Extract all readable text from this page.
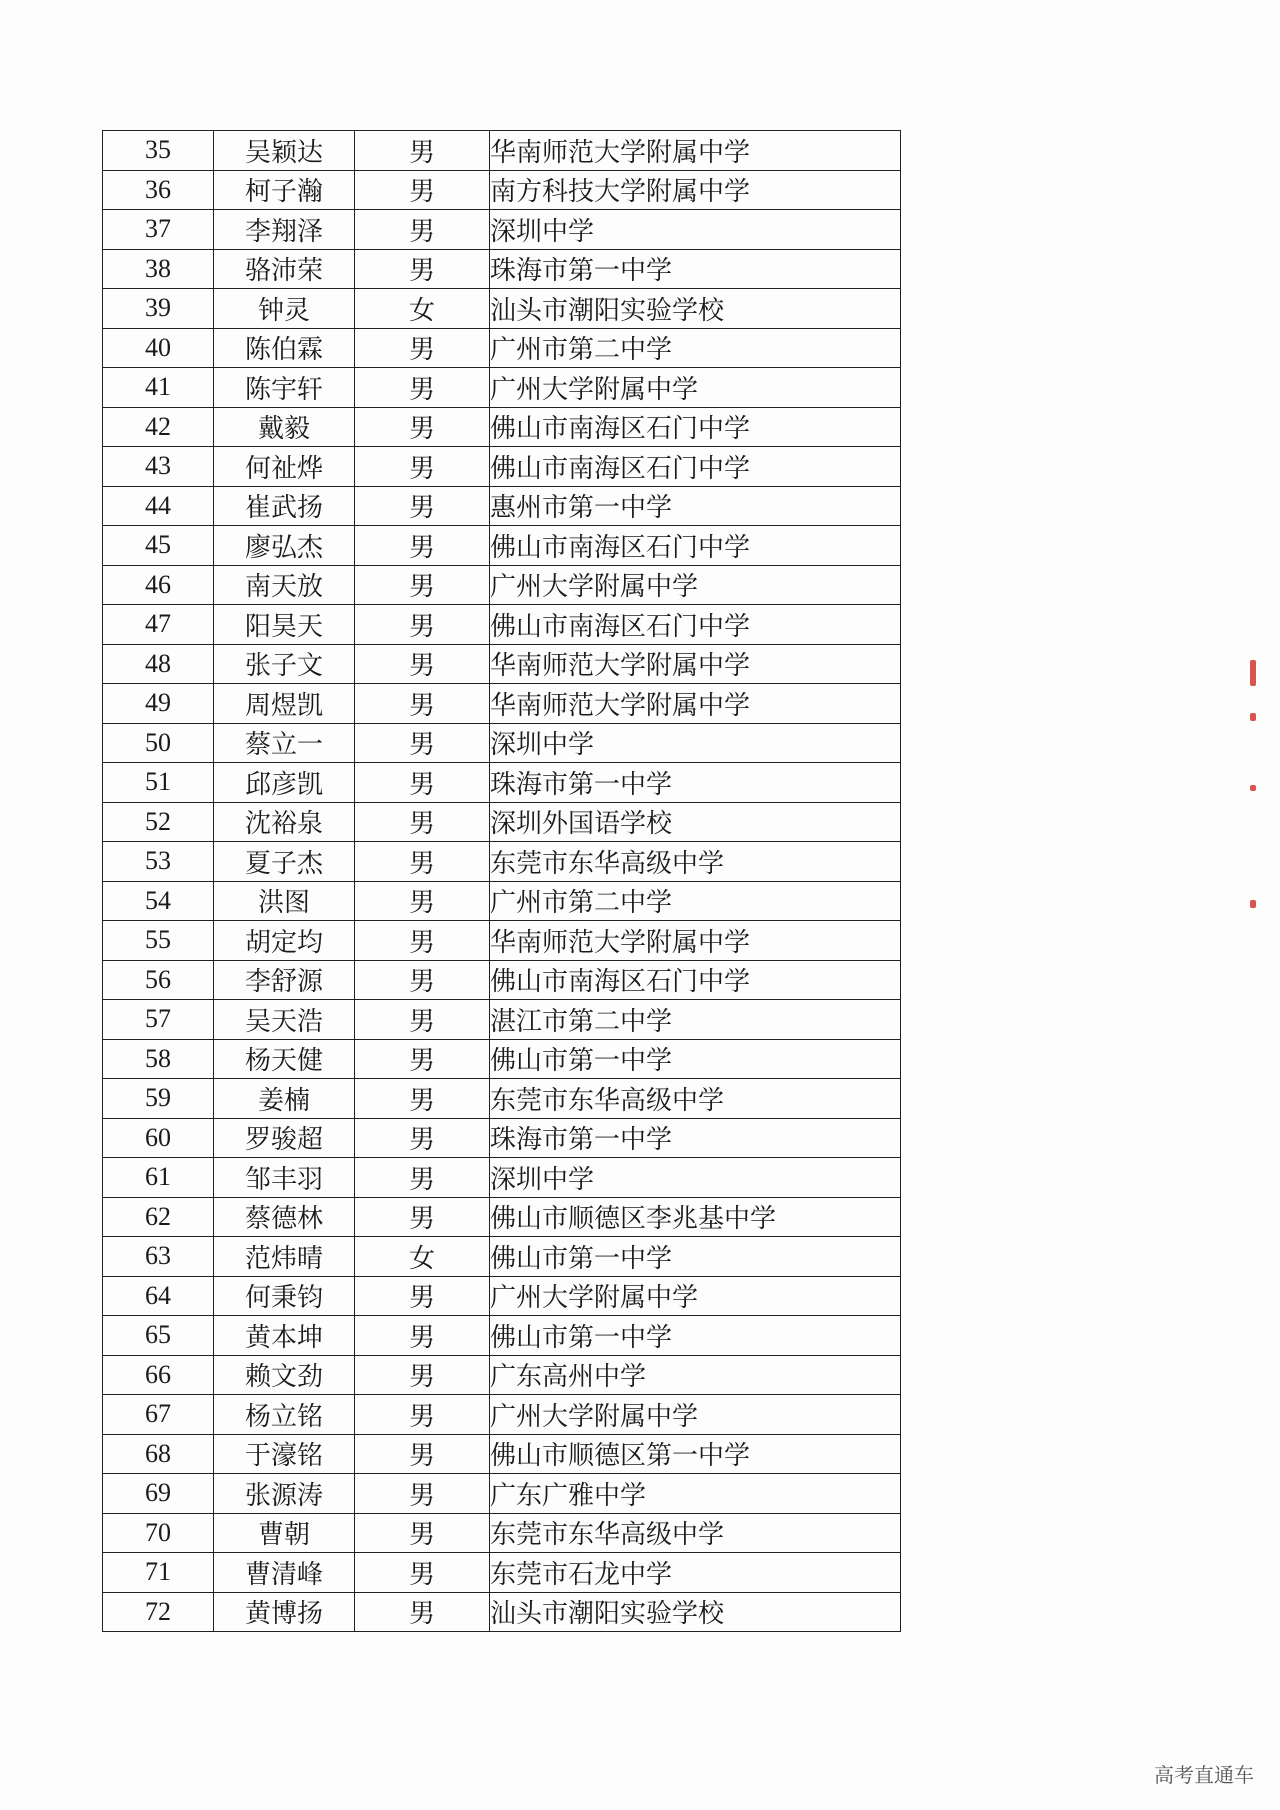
35	吴颖达	男	华南师范大学附属中学
36	柯子瀚	男	南方科技大学附属中学
37	李翔泽	男	深圳中学
38	骆沛荣	男	珠海市第一中学
39	钟灵	女	汕头市潮阳实验学校
40	陈伯霖	男	广州市第二中学
41	陈宇轩	男	广州大学附属中学
42	戴毅	男	佛山市南海区石门中学
43	何祉烨	男	佛山市南海区石门中学
44	崔武扬	男	惠州市第一中学
45	廖弘杰	男	佛山市南海区石门中学
46	南天放	男	广州大学附属中学
47	阳昊天	男	佛山市南海区石门中学
48	张子文	男	华南师范大学附属中学
49	周煜凯	男	华南师范大学附属中学
50	蔡立一	男	深圳中学
51	邱彦凯	男	珠海市第一中学
52	沈裕泉	男	深圳外国语学校
53	夏子杰	男	东莞市东华高级中学
54	洪图	男	广州市第二中学
55	胡定均	男	华南师范大学附属中学
56	李舒源	男	佛山市南海区石门中学
57	吴天浩	男	湛江市第二中学
58	杨天健	男	佛山市第一中学
59	姜楠	男	东莞市东华高级中学
60	罗骏超	男	珠海市第一中学
61	邹丰羽	男	深圳中学
62	蔡德林	男	佛山市顺德区李兆基中学
63	范炜晴	女	佛山市第一中学
64	何秉钧	男	广州大学附属中学
65	黄本坤	男	佛山市第一中学
66	赖文劲	男	广东高州中学
67	杨立铭	男	广州大学附属中学
68	于濠铭	男	佛山市顺德区第一中学
69	张源涛	男	广东广雅中学
70	曹朝	男	东莞市东华高级中学
71	曹清峰	男	东莞市石龙中学
72	黄博扬	男	汕头市潮阳实验学校
高考直通车
